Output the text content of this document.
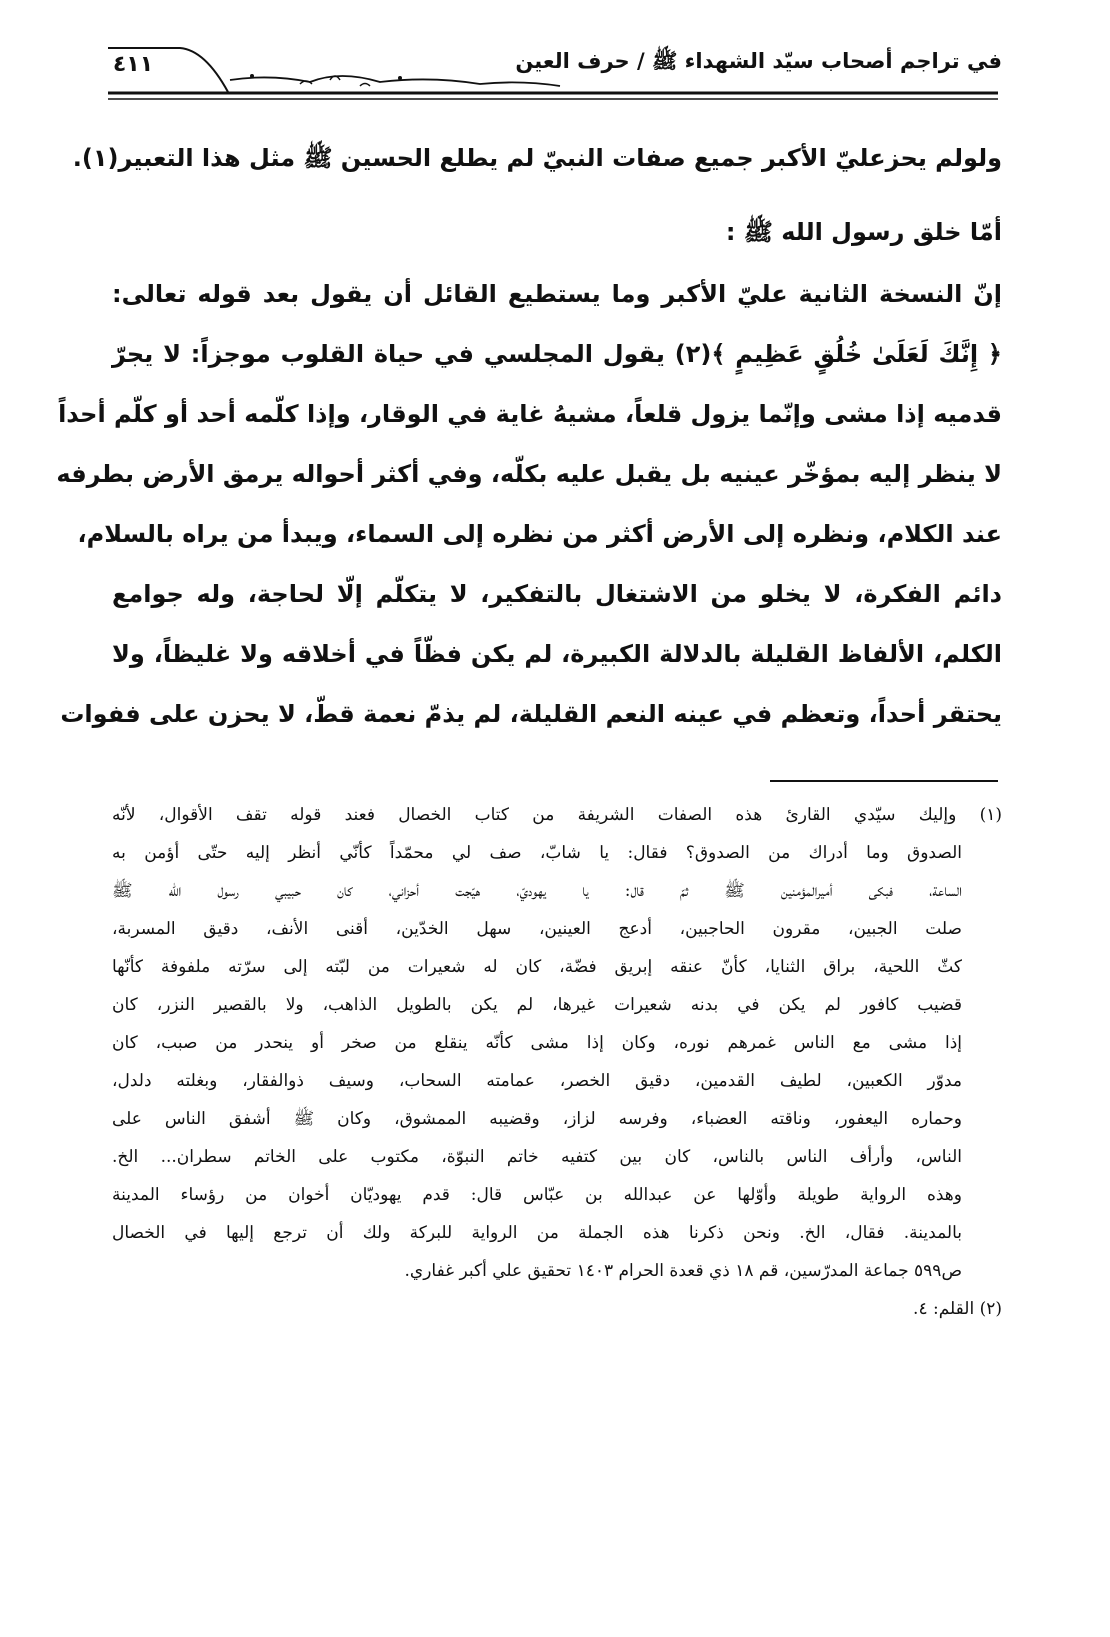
في تراجم أصحاب سيّد الشهداء ﷺ / حرف العين
٤١١
ولولم يحزعليّ الأكبر جميع صفات النبيّ لم يطلع الحسين ﷺ مثل هذا التعبير(١).
أمّا خلق رسول الله ﷺ :
إنّ النسخة الثانية عليّ الأكبر وما يستطيع القائل أن يقول بعد قوله تعالى:
﴿ إِنَّكَ لَعَلَىٰ خُلُقٍ عَظِيمٍ ﴾(٢) يقول المجلسي في حياة القلوب موجزاً: لا يجرّ
قدميه إذا مشى وإنّما يزول قلعاً، مشيهُ غاية في الوقار، وإذا كلّمه أحد أو كلّم أحداً
لا ينظر إليه بمؤخّر عينيه بل يقبل عليه بكلّه، وفي أكثر أحواله يرمق الأرض بطرفه
عند الكلام، ونظره إلى الأرض أكثر من نظره إلى السماء، ويبدأ من يراه بالسلام،
دائم الفكرة، لا يخلو من الاشتغال بالتفكير، لا يتكلّم إلّا لحاجة، وله جوامع
الكلم، الألفاظ القليلة بالدلالة الكبيرة، لم يكن فظّاً في أخلاقه ولا غليظاً، ولا
يحتقر أحداً، وتعظم في عينه النعم القليلة، لم يذمّ نعمة قطّ، لا يحزن على ففوات
(١) وإليك سيّدي القارئ هذه الصفات الشريفة من كتاب الخصال فعند قوله تقف الأقوال، لأنّه
الصدوق وما أدراك من الصدوق؟ فقال: يا شابّ، صف لي محمّداً كأنّي أنظر إليه حتّى أؤمن به
الساعة، فبكى أميرالمؤمنين ﷺ ثمّ قال: يا يهوديّ، هيّجت أحزاني، كان حبيبي رسول الله ﷺ
صلت الجبين، مقرون الحاجبين، أدعج العينين، سهل الخدّين، أقنى الأنف، دقيق المسربة،
كثّ اللحية، براق الثنايا، كأنّ عنقه إبريق فضّة، كان له شعيرات من لبّته إلى سرّته ملفوفة كأنّها
قضيب كافور لم يكن في بدنه شعيرات غيرها، لم يكن بالطويل الذاهب، ولا بالقصير النزر، كان
إذا مشى مع الناس غمرهم نوره، وكان إذا مشى كأنّه ينقلع من صخر أو ينحدر من صبب، كان
مدوّر الكعبين، لطيف القدمين، دقيق الخصر، عمامته السحاب، وسيف ذوالفقار، وبغلته دلدل،
وحماره اليعفور، وناقته العضباء، وفرسه لزاز، وقضيبه الممشوق، وكان ﷺ أشفق الناس على
الناس، وأرأف الناس بالناس، كان بين كتفيه خاتم النبوّة، مكتوب على الخاتم سطران... الخ.
وهذه الرواية طويلة وأوّلها عن عبدالله بن عبّاس قال: قدم يهوديّان أخوان من رؤساء المدينة
بالمدينة. فقال، الخ. ونحن ذكرنا هذه الجملة من الرواية للبركة ولك أن ترجع إليها في الخصال
ص٥٩٩ جماعة المدرّسين، قم ١٨ ذي قعدة الحرام ١٤٠٣ تحقيق علي أكبر غفاري.
(٢) القلم: ٤.
